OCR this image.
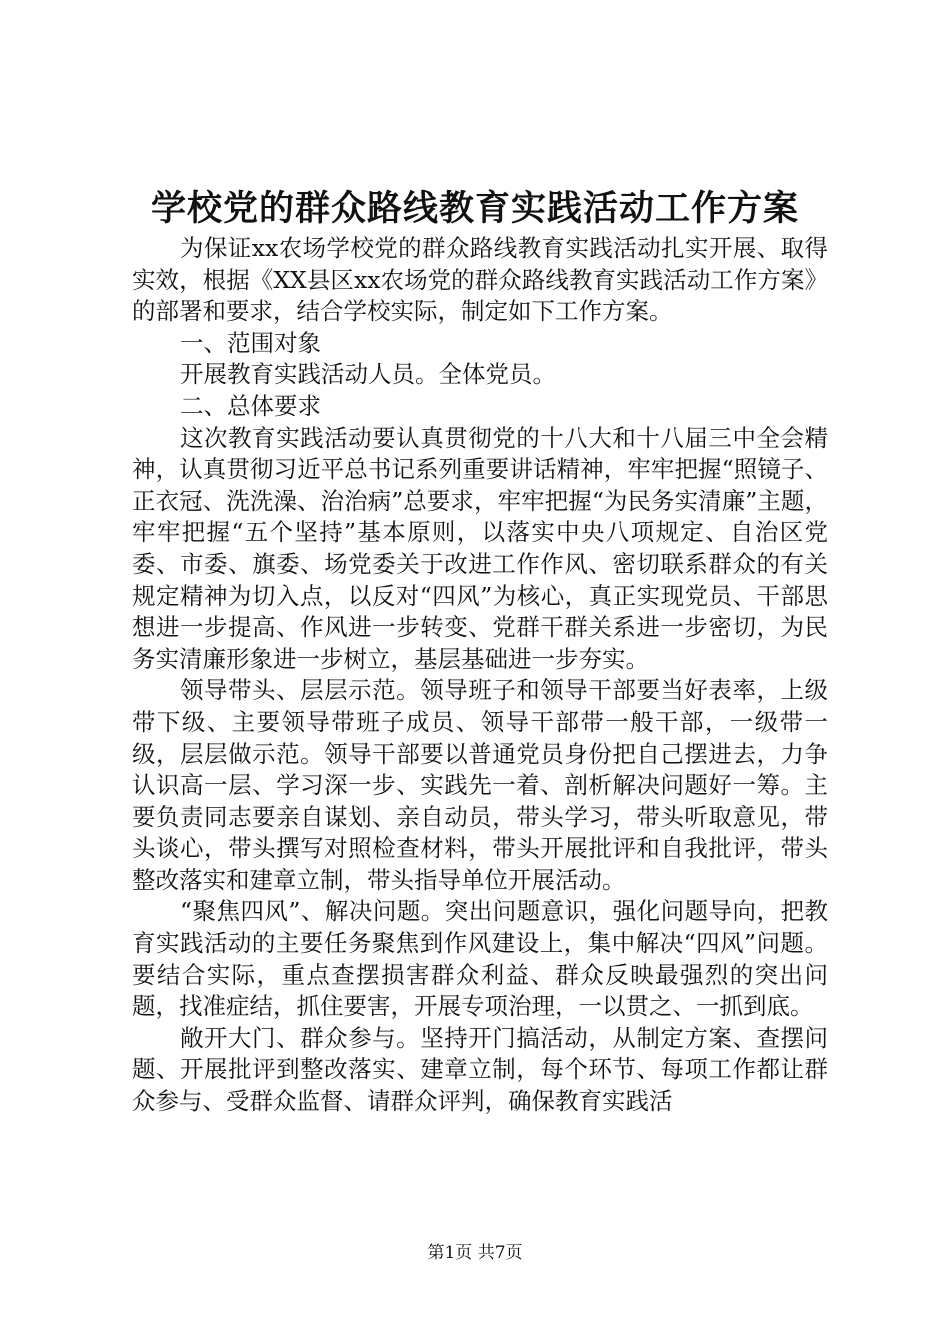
学校党的群众路线教育实践活动工作方案

为保证xx农场学校党的群众路线教育实践活动扎实开展、取得实效，根据《XX县区xx农场党的群众路线教育实践活动工作方案》的部署和要求，结合学校实际，制定如下工作方案。

一、范围对象

开展教育实践活动人员。全体党员。

二、总体要求

这次教育实践活动要认真贯彻党的十八大和十八届三中全会精神，认真贯彻习近平总书记系列重要讲话精神，牢牢把握“照镜子、正衣冠、洗洗澡、治治病”总要求，牢牢把握“为民务实清廉”主题，牢牢把握“五个坚持”基本原则，以落实中央八项规定、自治区党委、市委、旗委、场党委关于改进工作作风、密切联系群众的有关规定精神为切入点，以反对“四风”为核心，真正实现党员、干部思想进一步提高、作风进一步转变、党群干群关系进一步密切，为民务实清廉形象进一步树立，基层基础进一步夯实。

领导带头、层层示范。领导班子和领导干部要当好表率，上级带下级、主要领导带班子成员、领导干部带一般干部，一级带一级，层层做示范。领导干部要以普通党员身份把自己摆进去，力争认识高一层、学习深一步、实践先一着、剖析解决问题好一筹。主要负责同志要亲自谋划、亲自动员，带头学习，带头听取意见，带头谈心，带头撰写对照检查材料，带头开展批评和自我批评，带头整改落实和建章立制，带头指导单位开展活动。

“聚焦四风”、解决问题。突出问题意识，强化问题导向，把教育实践活动的主要任务聚焦到作风建设上，集中解决“四风”问题。要结合实际，重点查摆损害群众利益、群众反映最强烈的突出问题，找准症结，抓住要害，开展专项治理，一以贯之、一抓到底。

敞开大门、群众参与。坚持开门搞活动，从制定方案、查摆问题、开展批评到整改落实、建章立制，每个环节、每项工作都让群众参与、受群众监督、请群众评判，确保教育实践活

第1页 共7页
